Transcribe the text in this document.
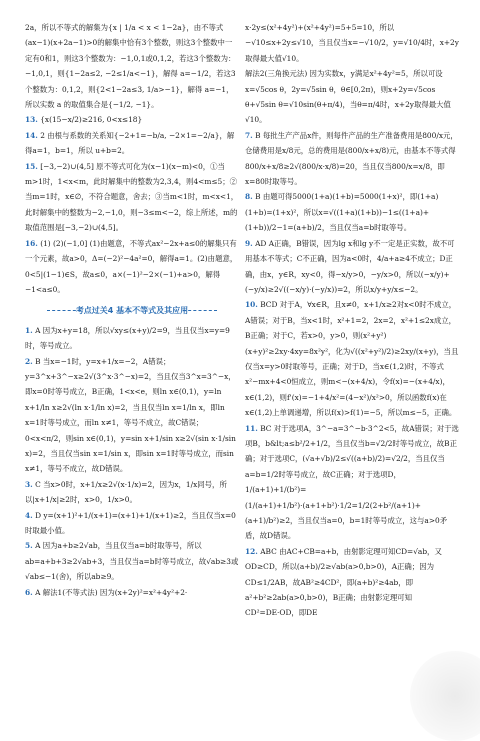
2a，所以不等式的解集为{x | 1/a < x < 1−2a}，由不等式(ax−1)(x+2a−1)>0的解集中恰有3个整数，则这3个整数中一定有0和1，则这3个整数为：−1,0,1或0,1,2，若这3个整数为：−1,0,1，则{1−2a≤2, −2≤1/a<−1}，解得 a=−1/2，若这3个整数为：0,1,2，则{2<1−2a≤3, 1/a>−1}，解得 a=−1，所以实数 a 的取值集合是{−1/2, −1}。

13. {x(15−x/2)≥216, 0<x≤18}

14. 2 由根与系数的关系知{−2+1=−b/a, −2×1=−2/a}，解得a=1，b=1，所以 u+b=2。

15. [−3,−2)∪(4,5] 原不等式可化为(x−1)(x−m)<0，①当m>1时，1<x<m，此时解集中的整数为2,3,4，则4<m≤5；②当m=1时，x∈∅，不符合题意，舍去；③当m<1时，m<x<1，此时解集中的整数为−2,−1,0，则−3≤m<−2，综上所述，m的取值范围是[−3,−2)∪(4,5]。

16. (1) (2)(−1,0] (1)由题意，不等式ax²−2x+a≤0的解集只有一个元素，故a>0，Δ=(−2)²−4a²=0，解得a=1。(2)由题意，0<5|(1−1)∈S，故a≤0，a×(−1)²−2×(−1)+a>0，解得−1<a≤0。

考点过关4 基本不等式及其应用

1. A 因为x+y=18，所以√xy≤(x+y)/2=9，当且仅当x=y=9时，等号成立。

2. B 当x=−1时，y=x+1/x=−2，A错误；y=3^x+3^−x≥2√(3^x·3^−x)=2，当且仅当3^x=3^−x，即x=0时等号成立，B正确，1<x<e，则ln x∈(0,1)，y=ln x+1/ln x≥2√(ln x·1/ln x)=2，当且仅当ln x=1/ln x，即ln x=1时等号成立，而ln x≠1，等号不成立，故C错误；0<x<π/2，则sin x∈(0,1)，y=sin x+1/sin x≥2√(sin x·1/sin x)=2，当且仅当sin x=1/sin x，即sin x=1时等号成立，而sin x≠1，等号不成立，故D错误。

3. C 当x>0时，x+1/x≥2√(x·1/x)=2，因为x，1/x同号，所以|x+1/x|≥2时，x>0，1/x>0。

4. D y=(x+1)²+1/(x+1)=(x+1)+1/(x+1)≥2，当且仅当x=0时取最小值。

5. A 因为a+b≥2√ab，当且仅当a=b时取等号，所以ab=a+b+3≥2√ab+3，当且仅当a=b时等号成立，故√ab≥3或√ab≤−1(舍)，所以ab≥9。

6. A 解法1(不等式法) 因为(x+2y)²=x²+4y²+2·

x·2y≤(x²+4y²)+(x²+4y²)=5+5=10，所以−√10≤x+2y≤√10，当且仅当x=−√10/2，y=√10/4时，x+2y取得最大值√10。

解法2(三角换元法) 因为实数x，y满足x²+4y²=5，所以可设x=√5cos θ，2y=√5sin θ，θ∈[0,2π)，则x+2y=√5cos θ+√5sin θ=√10sin(θ+π/4)，当θ=π/4时，x+2y取得最大值√10。

7. B 每批生产产品x件，则每件产品的生产准备费用是800/x元，仓储费用是x/8元，总的费用是(800/x+x/8)元，由基本不等式得800/x+x/8≥2√(800/x·x/8)=20，当且仅当800/x=x/8，即x=80时取等号。

8. B 由题可得5000(1+a)(1+b)=5000(1+x)²，即(1+a)(1+b)=(1+x)²，所以x=√((1+a)(1+b))−1≤((1+a)+(1+b))/2−1=(a+b)/2，当且仅当a=b时取等号。

9. AD A正确，B错误，因为lg x和lg y不一定是正实数，故不可用基本不等式；C不正确，因为a<0时，4/a+a≥4不成立；D正确，由x，y∈R，xy<0，得−x/y>0，−y/x>0，所以(−x/y)+(−y/x)≥2√((−x/y)·(−y/x))=2，所以x/y+y/x≤−2。

10. BCD 对于A，∀x∈R，且x≠0，x+1/x≥2对x<0时不成立，A错误；对于B，当x<1时，x²+1=2，2x=2，x²+1≤2x成立，B正确；对于C，若x>0，y>0，则(x²+y²)(x+y)²≥2xy·4xy=8x²y²，化为√((x²+y²)/2)≥2xy/(x+y)，当且仅当x=y>0时取等号，正确；对于D，当x∈(1,2)时，不等式x²−mx+4<0恒成立，则m<−(x+4/x)，令f(x)=−(x+4/x)，x∈(1,2)，则f'(x)=−1+4/x²=(4−x²)/x²>0，所以函数f(x)在x∈(1,2)上单调递增，所以f(x)>f(1)=−5，所以m≤−5，正确。

11. BC 对于选项A，3^−a=3^−b·3^2<5，故A错误；对于选项B，b&lt;a≤b²/2+1/2，当且仅当b=√2/2时等号成立，故B正确；对于选项C，(√a+√b)/2≤√((a+b)/2)=√2/2，当且仅当a=b=1/2时等号成立，故C正确；对于选项D，1/(a+1)+1/(b²)=(1/(a+1)+1/b²)·(a+1+b²)·1/2=1/2(2+b²/(a+1)+(a+1)/b²)≥2，当且仅当a=0，b=1时等号成立，这与a>0矛盾，故D错误。

12. ABC 由AC+CB=a+b，由射影定理可知CD=√ab，又OD≥CD，所以(a+b)/2≥√ab(a>0,b>0)，A正确；因为CD≤1/2AB，故AB²≥4CD²，即(a+b)²≥4ab，即a²+b²≥2ab(a>0,b>0)，B正确；由射影定理可知CD²=DE·OD，即DE
